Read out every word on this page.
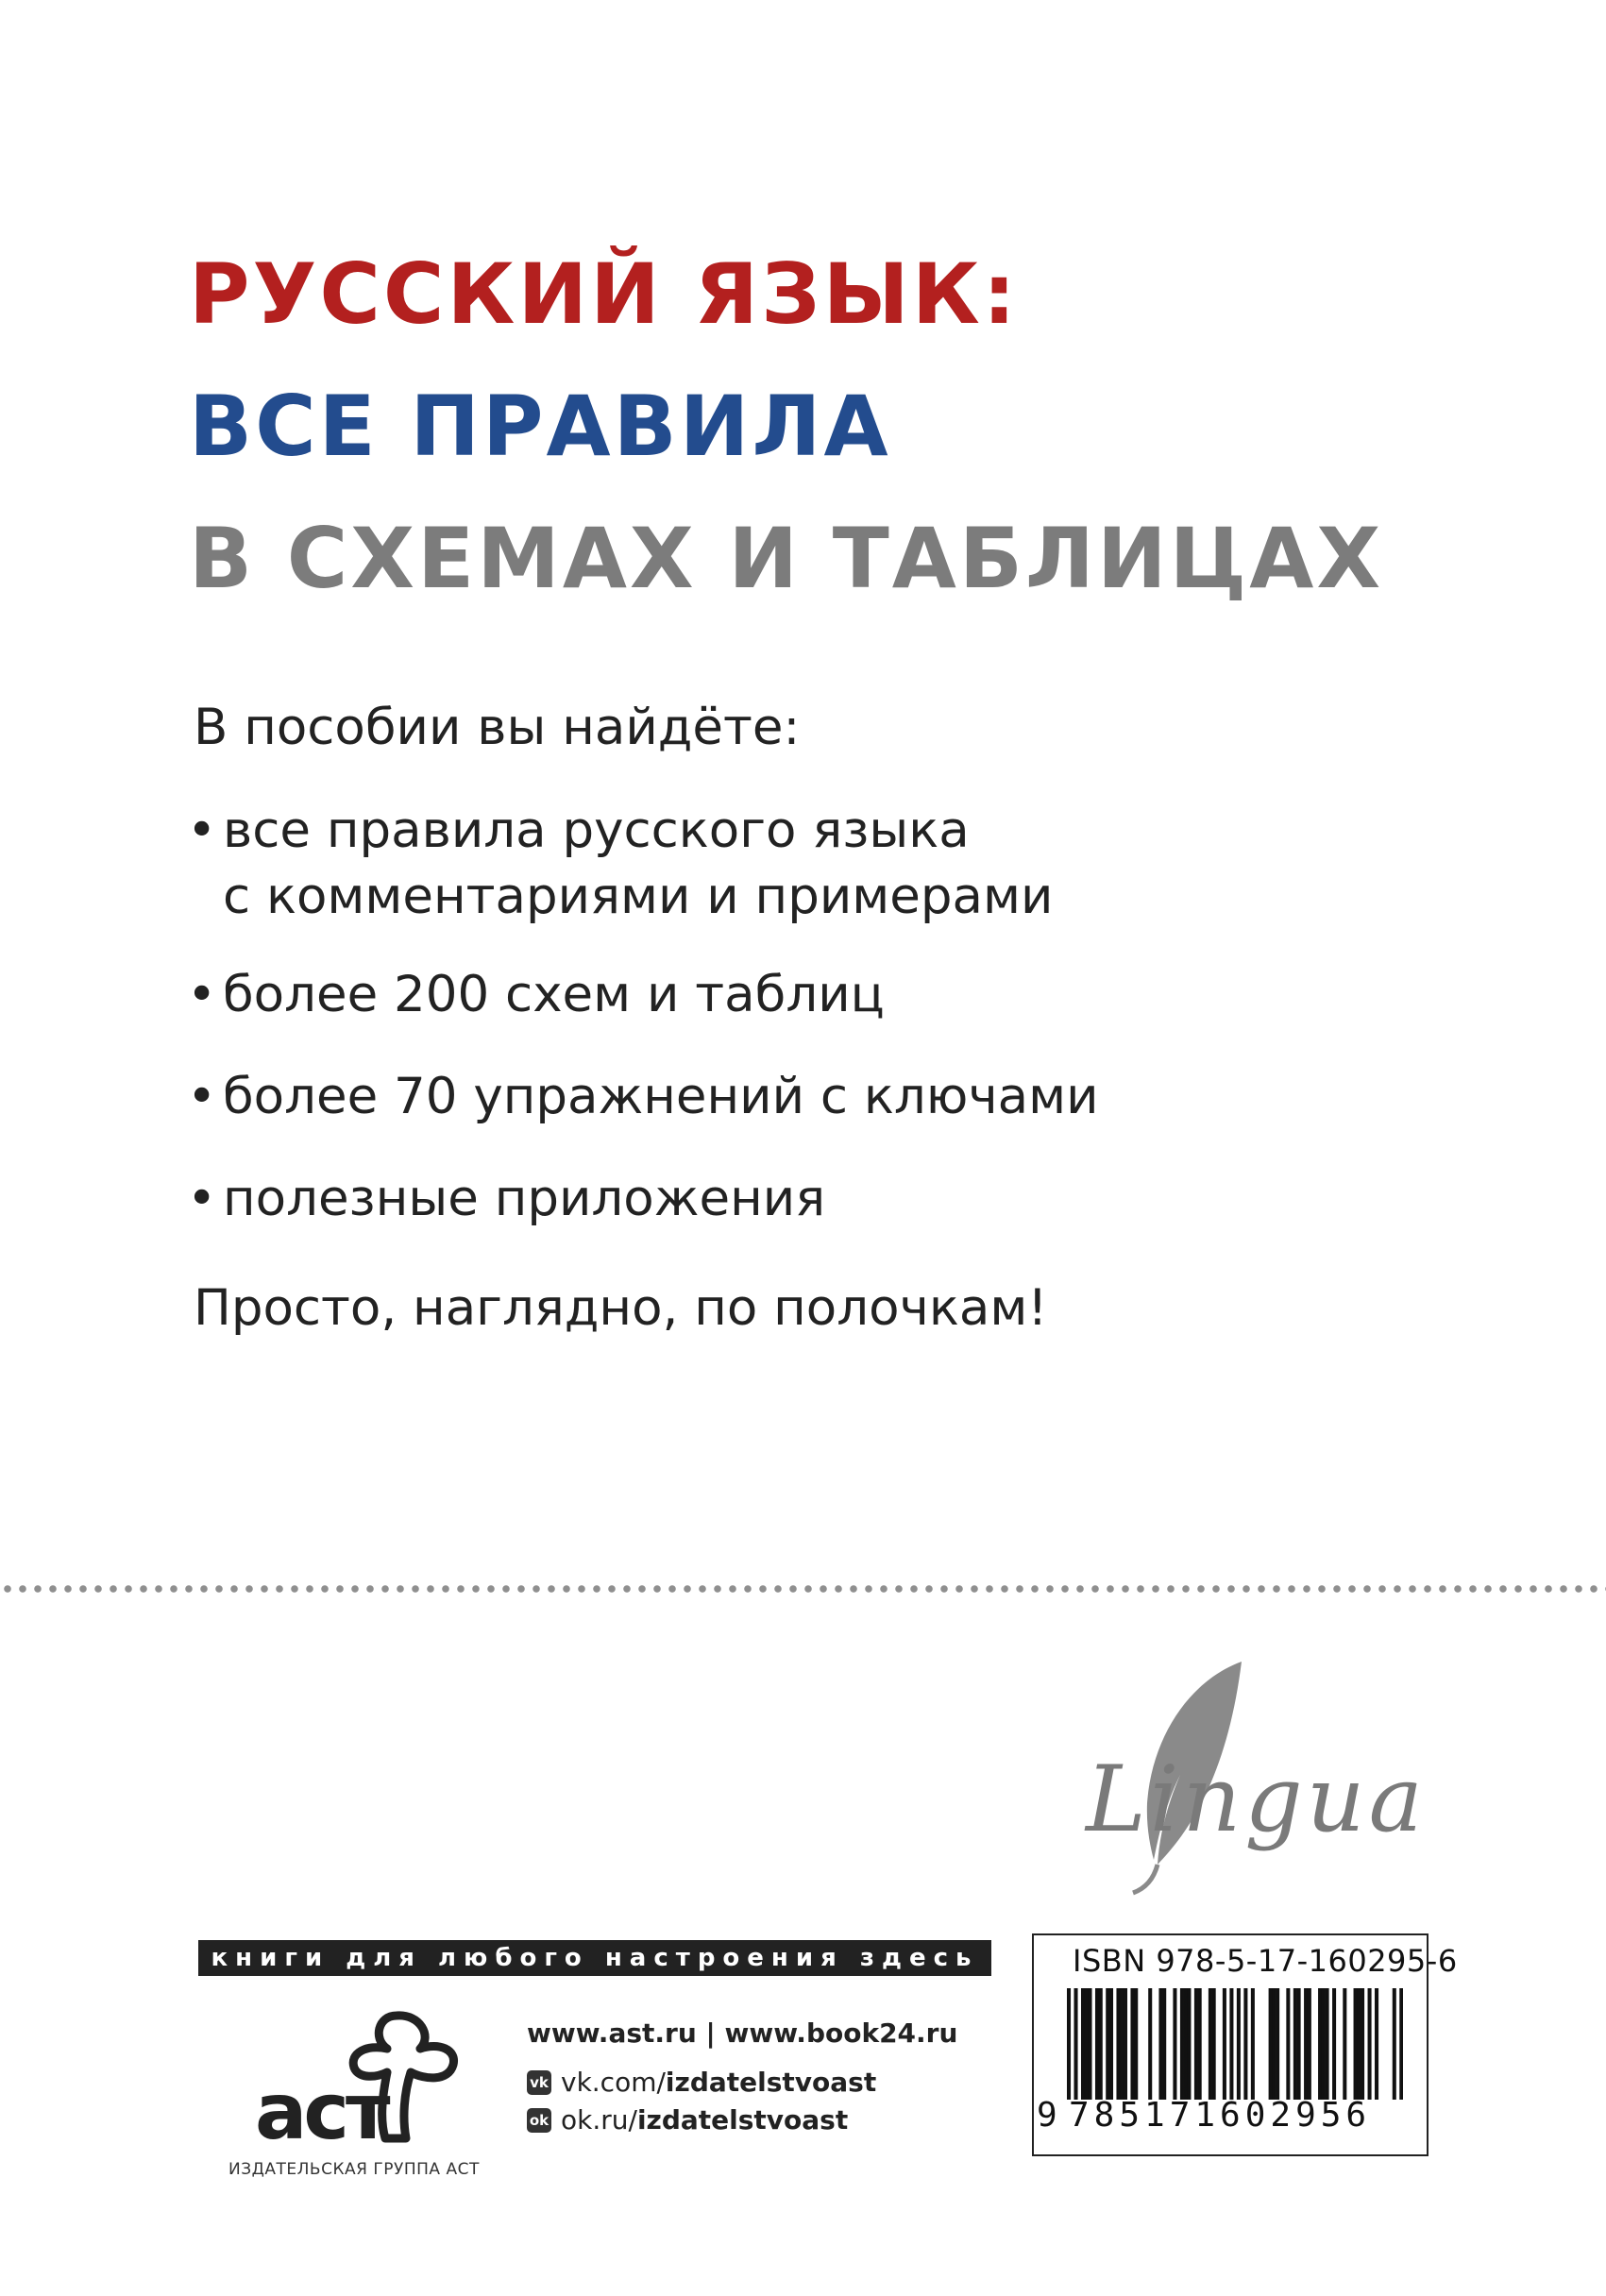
РУССКИЙ ЯЗЫК:
ВСЕ ПРАВИЛА
В СХЕМАХ И ТАБЛИЦАХ
В пособии вы найдёте:
• все правила русского языка
с комментариями и примерами
• более 200 схем и таблиц
• более 70 упражнений с ключами
• полезные приложения
Просто, наглядно, по полочкам!
Lingua
книги для любого настроения здесь
аст
ИЗДАТЕЛЬСКАЯ ГРУППА АСТ
www.ast.ru | www.book24.ru
vk vk.com/ izdatelstvoast
ok ok.ru/ izdatelstvoast
ISBN 978-5-17-160295-6
9 785171602956
